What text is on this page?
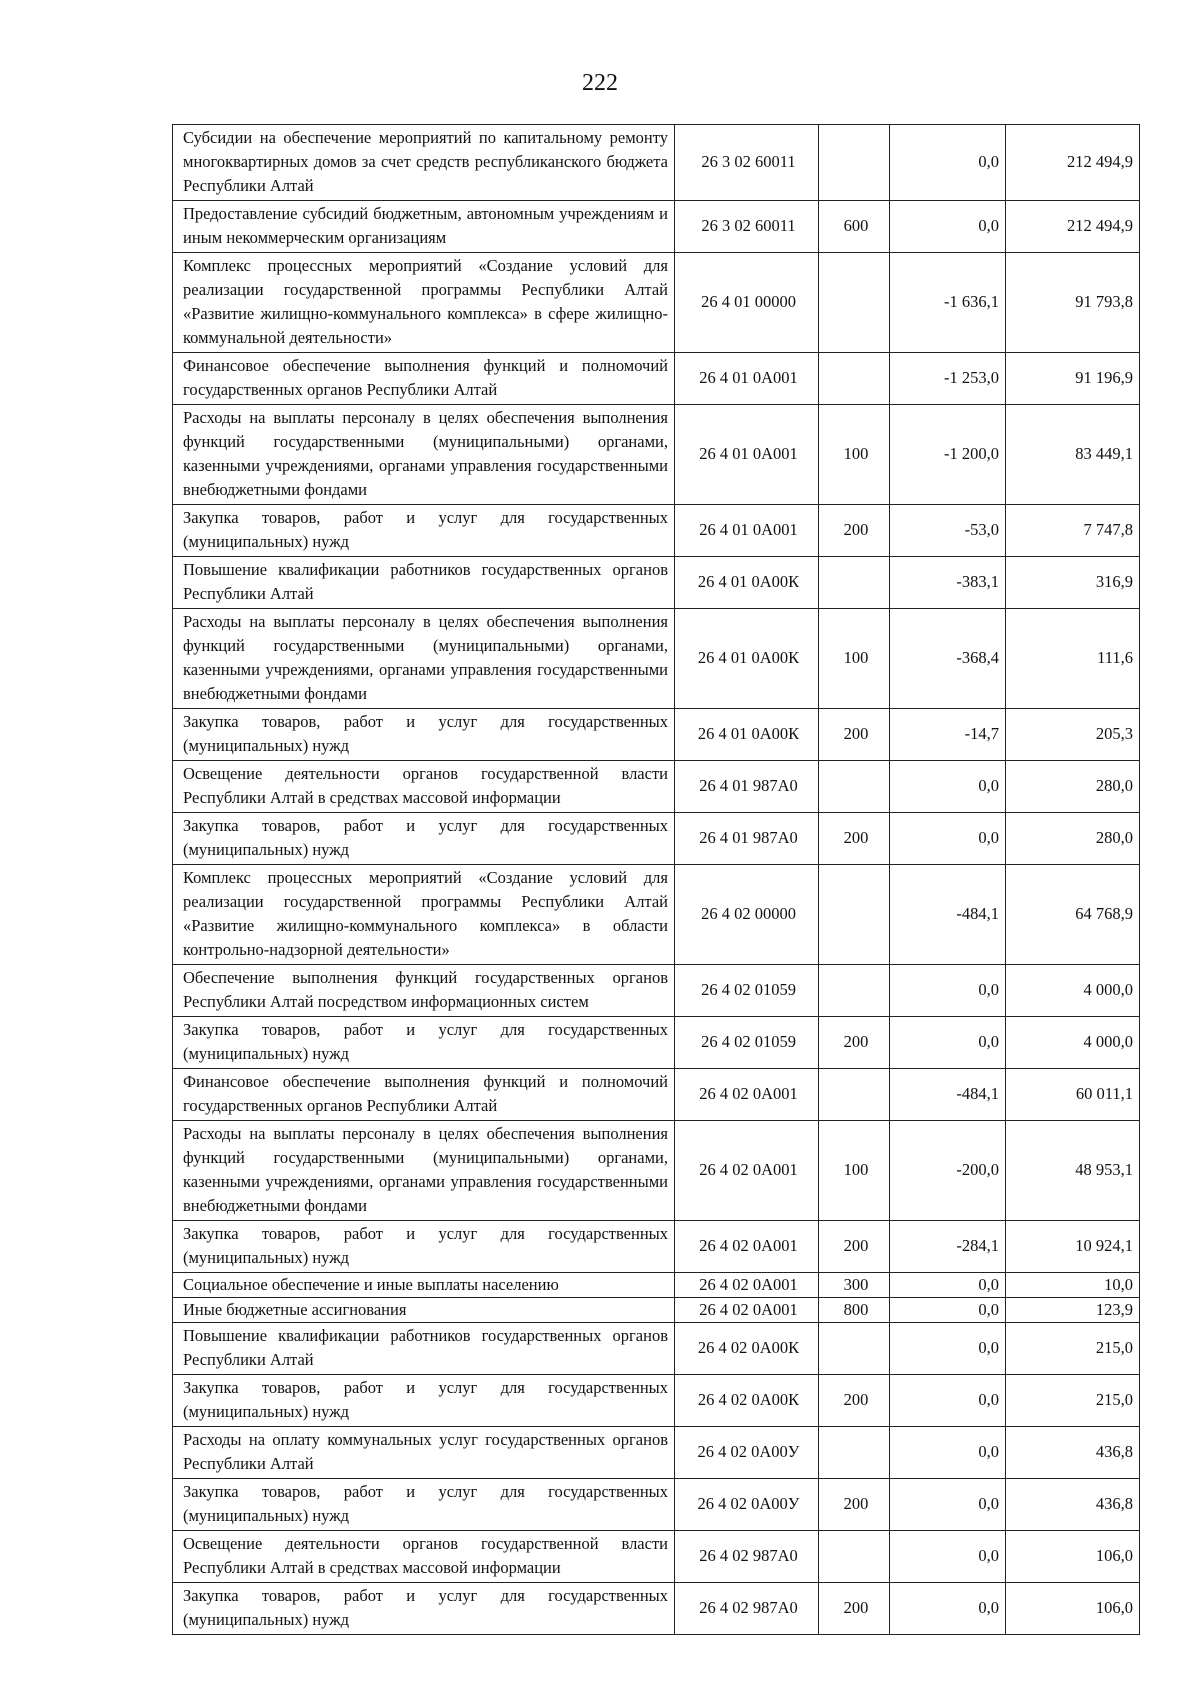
222
Субсидии на обеспечение мероприятий по капитальному ремонту многоквартирных домов за счет средств республиканского бюджета Республики Алтай	26 3 02 60011		0,0	212 494,9
Предоставление субсидий бюджетным, автономным учреждениям и иным некоммерческим организациям	26 3 02 60011	600	0,0	212 494,9
Комплекс процессных мероприятий «Создание условий для реализации государственной программы Республики Алтай «Развитие жилищно-коммунального комплекса» в сфере жилищно-коммунальной деятельности»	26 4 01 00000		-1 636,1	91 793,8
Финансовое обеспечение выполнения функций и полномочий государственных органов Республики Алтай	26 4 01 0А001		-1 253,0	91 196,9
Расходы на выплаты персоналу в целях обеспечения выполнения функций государственными (муниципальными) органами, казенными учреждениями, органами управления государственными внебюджетными фондами	26 4 01 0А001	100	-1 200,0	83 449,1
Закупка товаров, работ и услуг для государственных (муниципальных) нужд	26 4 01 0А001	200	-53,0	7 747,8
Повышение квалификации работников государственных органов Республики Алтай	26 4 01 0А00К		-383,1	316,9
Расходы на выплаты персоналу в целях обеспечения выполнения функций государственными (муниципальными) органами, казенными учреждениями, органами управления государственными внебюджетными фондами	26 4 01 0А00К	100	-368,4	111,6
Закупка товаров, работ и услуг для государственных (муниципальных) нужд	26 4 01 0А00К	200	-14,7	205,3
Освещение деятельности органов государственной власти Республики Алтай в средствах массовой информации	26 4 01 987А0		0,0	280,0
Закупка товаров, работ и услуг для государственных (муниципальных) нужд	26 4 01 987А0	200	0,0	280,0
Комплекс процессных мероприятий «Создание условий для реализации государственной программы Республики Алтай «Развитие жилищно-коммунального комплекса» в области контрольно-надзорной деятельности»	26 4 02 00000		-484,1	64 768,9
Обеспечение выполнения функций государственных органов Республики Алтай посредством информационных систем	26 4 02 01059		0,0	4 000,0
Закупка товаров, работ и услуг для государственных (муниципальных) нужд	26 4 02 01059	200	0,0	4 000,0
Финансовое обеспечение выполнения функций и полномочий государственных органов Республики Алтай	26 4 02 0А001		-484,1	60 011,1
Расходы на выплаты персоналу в целях обеспечения выполнения функций государственными (муниципальными) органами, казенными учреждениями, органами управления государственными внебюджетными фондами	26 4 02 0А001	100	-200,0	48 953,1
Закупка товаров, работ и услуг для государственных (муниципальных) нужд	26 4 02 0А001	200	-284,1	10 924,1
Социальное обеспечение и иные выплаты населению	26 4 02 0А001	300	0,0	10,0
Иные бюджетные ассигнования	26 4 02 0А001	800	0,0	123,9
Повышение квалификации работников государственных органов Республики Алтай	26 4 02 0А00К		0,0	215,0
Закупка товаров, работ и услуг для государственных (муниципальных) нужд	26 4 02 0А00К	200	0,0	215,0
Расходы на оплату коммунальных услуг государственных органов Республики Алтай	26 4 02 0А00У		0,0	436,8
Закупка товаров, работ и услуг для государственных (муниципальных) нужд	26 4 02 0А00У	200	0,0	436,8
Освещение деятельности органов государственной власти Республики Алтай в средствах массовой информации	26 4 02 987А0		0,0	106,0
Закупка товаров, работ и услуг для государственных (муниципальных) нужд	26 4 02 987А0	200	0,0	106,0
